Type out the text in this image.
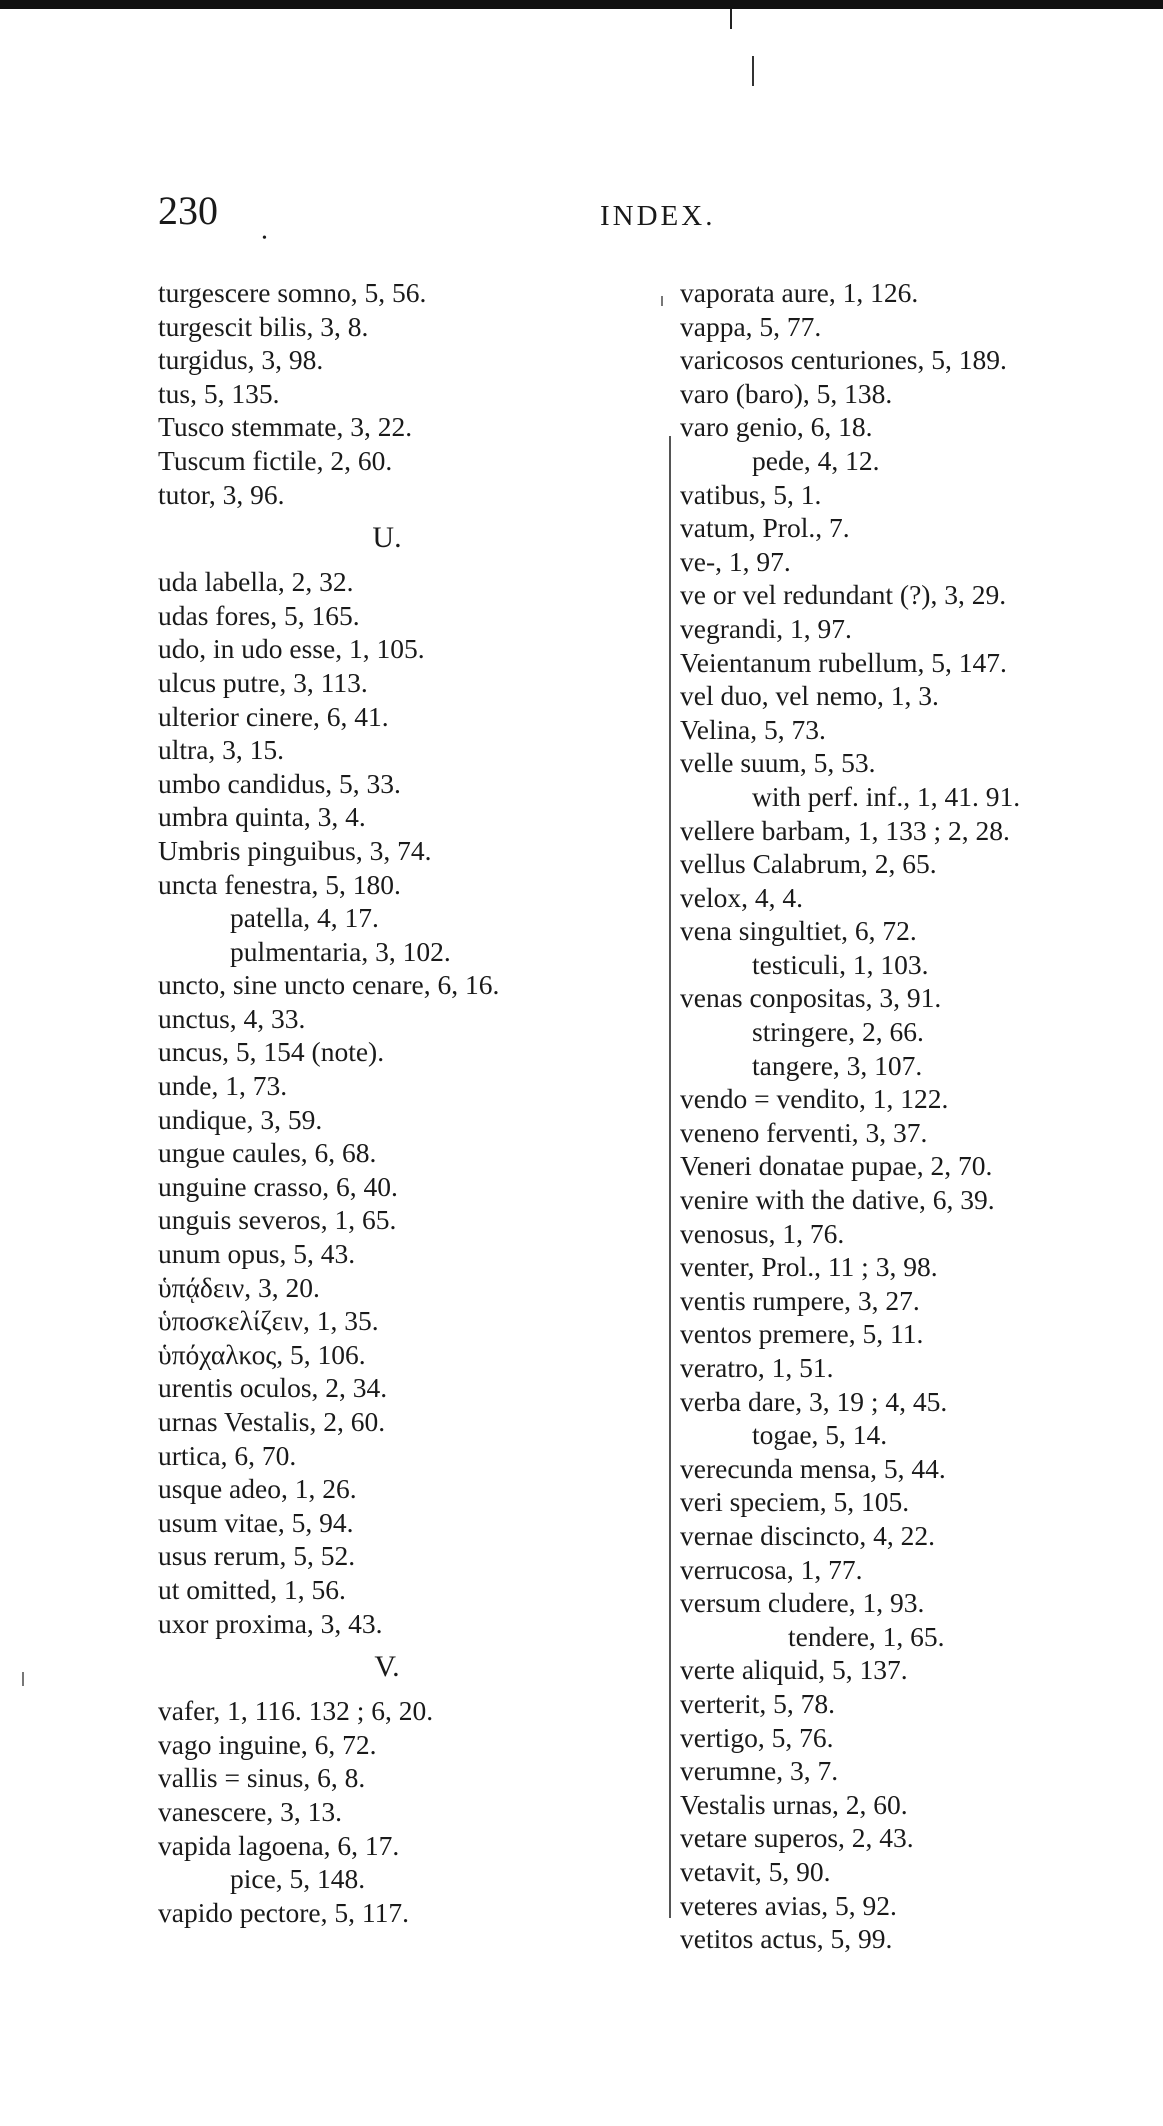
230
•
INDEX.
turgescere somno, 5, 56.
turgescit bilis, 3, 8.
turgidus, 3, 98.
tus, 5, 135.
Tusco stemmate, 3, 22.
Tuscum fictile, 2, 60.
tutor, 3, 96.
U.
uda labella, 2, 32.
udas fores, 5, 165.
udo, in udo esse, 1, 105.
ulcus putre, 3, 113.
ulterior cinere, 6, 41.
ultra, 3, 15.
umbo candidus, 5, 33.
umbra quinta, 3, 4.
Umbris pinguibus, 3, 74.
uncta fenestra, 5, 180.
patella, 4, 17.
pulmentaria, 3, 102.
uncto, sine uncto cenare, 6, 16.
unctus, 4, 33.
uncus, 5, 154 (note).
unde, 1, 73.
undique, 3, 59.
ungue caules, 6, 68.
unguine crasso, 6, 40.
unguis severos, 1, 65.
unum opus, 5, 43.
ὑπᾴδειν, 3, 20.
ὑποσκελίζειν, 1, 35.
ὑπόχαλκος, 5, 106.
urentis oculos, 2, 34.
urnas Vestalis, 2, 60.
urtica, 6, 70.
usque adeo, 1, 26.
usum vitae, 5, 94.
usus rerum, 5, 52.
ut omitted, 1, 56.
uxor proxima, 3, 43.
V.
vafer, 1, 116. 132 ; 6, 20.
vago inguine, 6, 72.
vallis = sinus, 6, 8.
vanescere, 3, 13.
vapida lagoena, 6, 17.
pice, 5, 148.
vapido pectore, 5, 117.
vaporata aure, 1, 126.
vappa, 5, 77.
varicosos centuriones, 5, 189.
varo (baro), 5, 138.
varo genio, 6, 18.
pede, 4, 12.
vatibus, 5, 1.
vatum, Prol., 7.
ve-, 1, 97.
ve or vel redundant (?), 3, 29.
vegrandi, 1, 97.
Veientanum rubellum, 5, 147.
vel duo, vel nemo, 1, 3.
Velina, 5, 73.
velle suum, 5, 53.
with perf. inf., 1, 41. 91.
vellere barbam, 1, 133 ; 2, 28.
vellus Calabrum, 2, 65.
velox, 4, 4.
vena singultiet, 6, 72.
testiculi, 1, 103.
venas conpositas, 3, 91.
stringere, 2, 66.
tangere, 3, 107.
vendo = vendito, 1, 122.
veneno ferventi, 3, 37.
Veneri donatae pupae, 2, 70.
venire with the dative, 6, 39.
venosus, 1, 76.
venter, Prol., 11 ; 3, 98.
ventis rumpere, 3, 27.
ventos premere, 5, 11.
veratro, 1, 51.
verba dare, 3, 19 ; 4, 45.
togae, 5, 14.
verecunda mensa, 5, 44.
veri speciem, 5, 105.
vernae discincto, 4, 22.
verrucosa, 1, 77.
versum cludere, 1, 93.
tendere, 1, 65.
verte aliquid, 5, 137.
verterit, 5, 78.
vertigo, 5, 76.
verumne, 3, 7.
Vestalis urnas, 2, 60.
vetare superos, 2, 43.
vetavit, 5, 90.
veteres avias, 5, 92.
vetitos actus, 5, 99.
